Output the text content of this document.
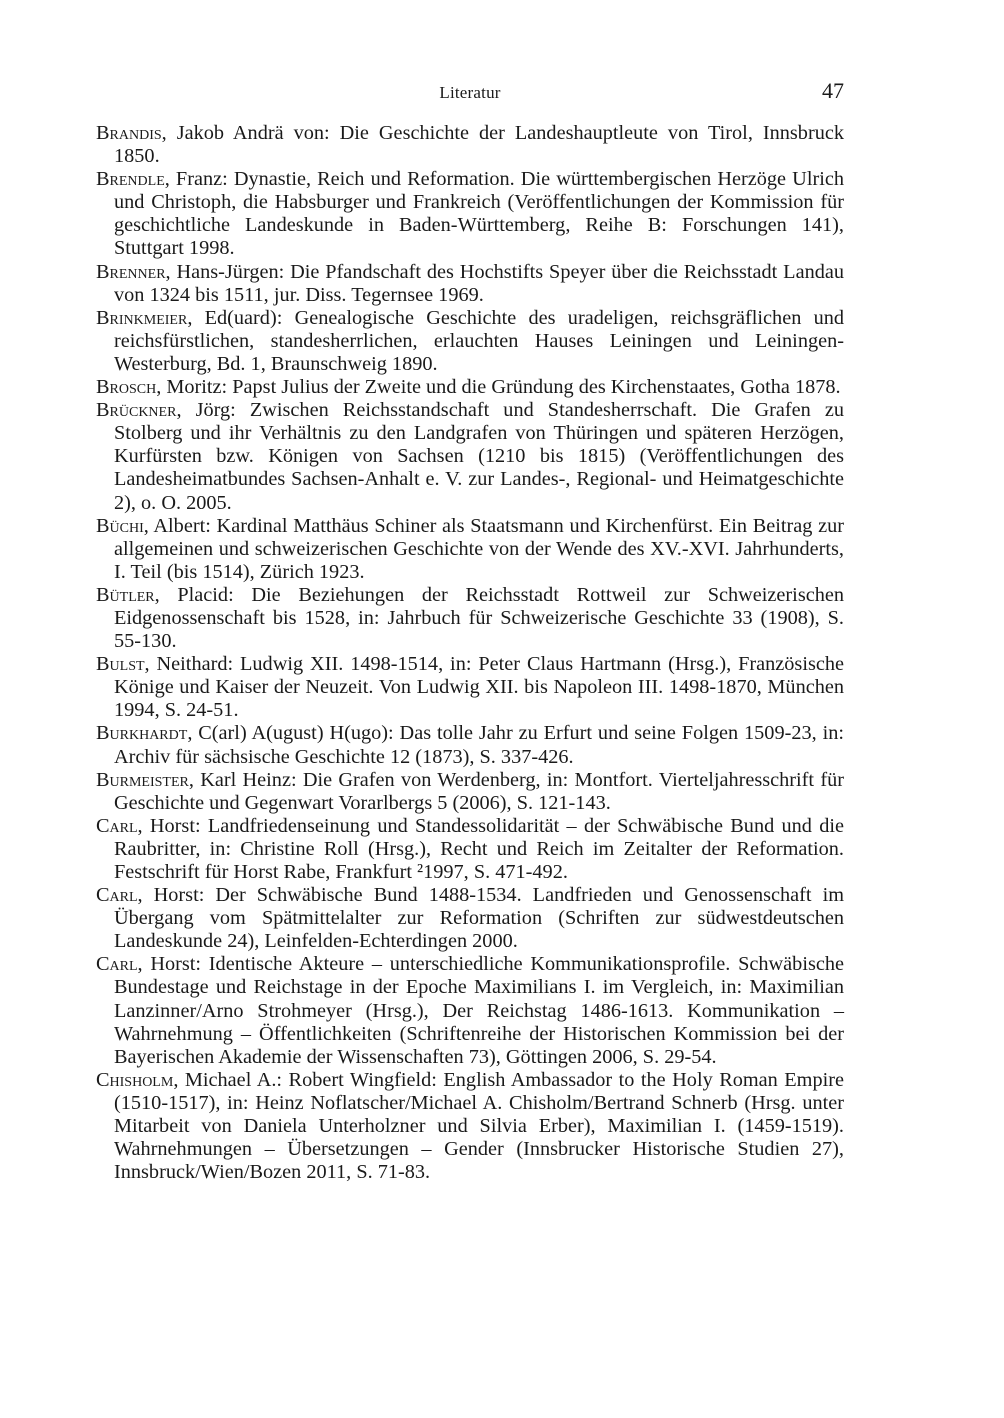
Literatur	47
Brandis, Jakob Andrä von: Die Geschichte der Landeshauptleute von Tirol, Innsbruck 1850.
Brendle, Franz: Dynastie, Reich und Reformation. Die württembergischen Herzöge Ulrich und Christoph, die Habsburger und Frankreich (Veröffentlichungen der Kommission für geschichtliche Landeskunde in Baden-Württemberg, Reihe B: Forschungen 141), Stuttgart 1998.
Brenner, Hans-Jürgen: Die Pfandschaft des Hochstifts Speyer über die Reichsstadt Landau von 1324 bis 1511, jur. Diss. Tegernsee 1969.
Brinkmeier, Ed(uard): Genealogische Geschichte des uradeligen, reichsgräflichen und reichsfürstlichen, standesherrlichen, erlauchten Hauses Leiningen und Leiningen-Westerburg, Bd. 1, Braunschweig 1890.
Brosch, Moritz: Papst Julius der Zweite und die Gründung des Kirchenstaates, Gotha 1878.
Brückner, Jörg: Zwischen Reichsstandschaft und Standesherrschaft. Die Grafen zu Stolberg und ihr Verhältnis zu den Landgrafen von Thüringen und späteren Herzögen, Kurfürsten bzw. Königen von Sachsen (1210 bis 1815) (Veröffentlichungen des Landesheimatbundes Sachsen-Anhalt e. V. zur Landes-, Regional- und Heimatgeschichte 2), o. O. 2005.
Büchi, Albert: Kardinal Matthäus Schiner als Staatsmann und Kirchenfürst. Ein Beitrag zur allgemeinen und schweizerischen Geschichte von der Wende des XV.-XVI. Jahrhunderts, I. Teil (bis 1514), Zürich 1923.
Bütler, Placid: Die Beziehungen der Reichsstadt Rottweil zur Schweizerischen Eidgenossenschaft bis 1528, in: Jahrbuch für Schweizerische Geschichte 33 (1908), S. 55-130.
Bulst, Neithard: Ludwig XII. 1498-1514, in: Peter Claus Hartmann (Hrsg.), Französische Könige und Kaiser der Neuzeit. Von Ludwig XII. bis Napoleon III. 1498-1870, München 1994, S. 24-51.
Burkhardt, C(arl) A(ugust) H(ugo): Das tolle Jahr zu Erfurt und seine Folgen 1509-23, in: Archiv für sächsische Geschichte 12 (1873), S. 337-426.
Burmeister, Karl Heinz: Die Grafen von Werdenberg, in: Montfort. Vierteljahresschrift für Geschichte und Gegenwart Vorarlbergs 5 (2006), S. 121-143.
Carl, Horst: Landfriedenseinung und Standessolidarität – der Schwäbische Bund und die Raubritter, in: Christine Roll (Hrsg.), Recht und Reich im Zeitalter der Reformation. Festschrift für Horst Rabe, Frankfurt ²1997, S. 471-492.
Carl, Horst: Der Schwäbische Bund 1488-1534. Landfrieden und Genossenschaft im Übergang vom Spätmittelalter zur Reformation (Schriften zur südwestdeutschen Landeskunde 24), Leinfelden-Echterdingen 2000.
Carl, Horst: Identische Akteure – unterschiedliche Kommunikationsprofile. Schwäbische Bundestage und Reichstage in der Epoche Maximilians I. im Vergleich, in: Maximilian Lanzinner/Arno Strohmeyer (Hrsg.), Der Reichstag 1486-1613. Kommunikation – Wahrnehmung – Öffentlichkeiten (Schriftenreihe der Historischen Kommission bei der Bayerischen Akademie der Wissenschaften 73), Göttingen 2006, S. 29-54.
Chisholm, Michael A.: Robert Wingfield: English Ambassador to the Holy Roman Empire (1510-1517), in: Heinz Noflatscher/Michael A. Chisholm/Bertrand Schnerb (Hrsg. unter Mitarbeit von Daniela Unterholzner und Silvia Erber), Maximilian I. (1459-1519). Wahrnehmungen – Übersetzungen – Gender (Innsbrucker Historische Studien 27), Innsbruck/Wien/Bozen 2011, S. 71-83.
